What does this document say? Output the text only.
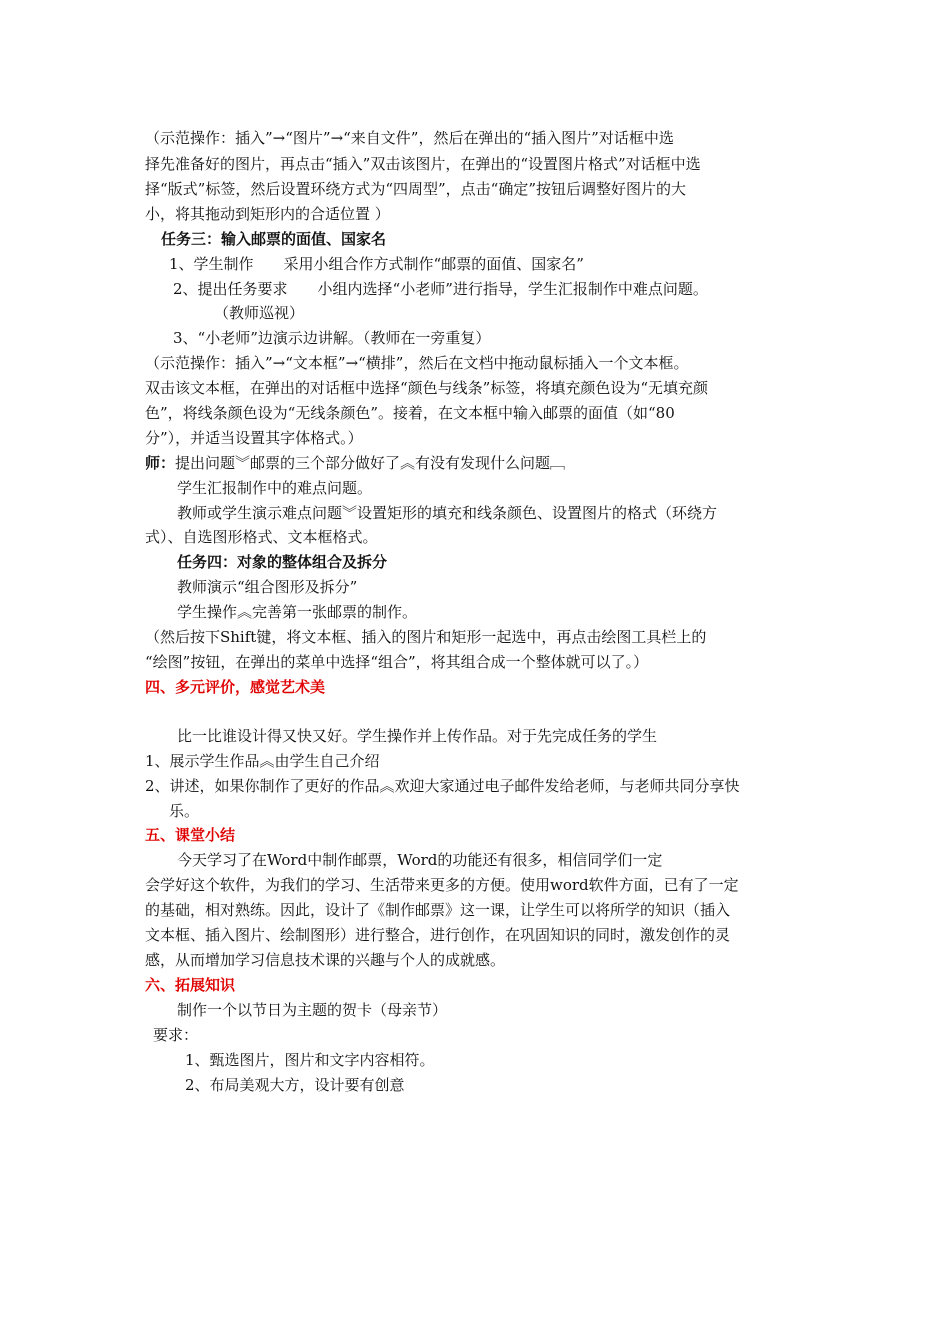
（示范操作：插入”→“图片”→“来自文件”，然后在弹出的“插入图片”对话框中选
择先准备好的图片，再点击“插入”双击该图片，在弹出的“设置图片格式”对话框中选
择“版式”标签，然后设置环绕方式为“四周型”，点击“确定”按钮后调整好图片的大
小，将其拖动到矩形内的合适位置 ）
任务三：输入邮票的面值、国家名
1、学生制作　　采用小组合作方式制作“邮票的面值、国家名”
2、提出任务要求　　小组内选择“小老师”进行指导，学生汇报制作中难点问题。
（教师巡视）
3、“小老师”边演示边讲解。（教师在一旁重复）
（示范操作：插入”→“文本框”→“横排”，然后在文档中拖动鼠标插入一个文本框。
双击该文本框，在弹出的对话框中选择“颜色与线条”标签，将填充颜色设为“无填充颜
色”，将线条颜色设为“无线条颜色”。接着，在文本框中输入邮票的面值（如“80
分”），并适当设置其字体格式。）
师：提出问题︾邮票的三个部分做好了︽有没有发现什么问题﹇
学生汇报制作中的难点问题。
教师或学生演示难点问题︾设置矩形的填充和线条颜色、设置图片的格式（环绕方
式）、自选图形格式、文本框格式。
任务四：对象的整体组合及拆分
教师演示“组合图形及拆分”
学生操作︽完善第一张邮票的制作。
（然后按下Shift键，将文本框、插入的图片和矩形一起选中，再点击绘图工具栏上的
“绘图”按钮，在弹出的菜单中选择“组合”，将其组合成一个整体就可以了。）
四、多元评价，感觉艺术美
比一比谁设计得又快又好。学生操作并上传作品。对于先完成任务的学生
1、展示学生作品︽由学生自己介绍
2、讲述，如果你制作了更好的作品︽欢迎大家通过电子邮件发给老师，与老师共同分享快
乐。
五、课堂小结
今天学习了在Word中制作邮票，Word的功能还有很多，相信同学们一定
会学好这个软件，为我们的学习、生活带来更多的方便。使用word软件方面，已有了一定
的基础，相对熟练。因此，设计了《制作邮票》这一课，让学生可以将所学的知识（插入
文本框、插入图片、绘制图形）进行整合，进行创作，在巩固知识的同时，激发创作的灵
感，从而增加学习信息技术课的兴趣与个人的成就感。
六、拓展知识
制作一个以节日为主题的贺卡（母亲节）
要求：
1、甄选图片，图片和文字内容相符。
2、布局美观大方，设计要有创意
